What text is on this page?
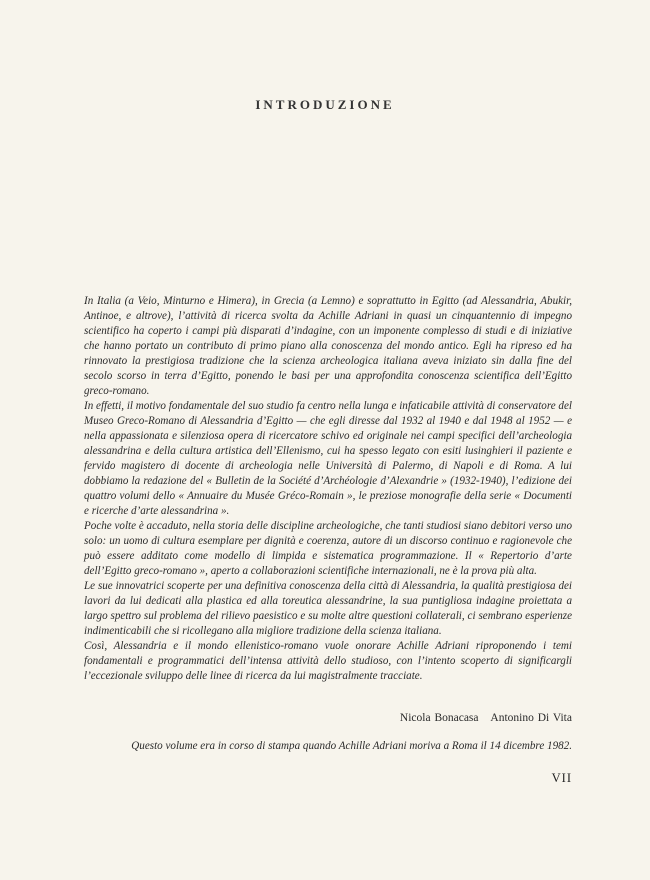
INTRODUZIONE

In Italia (a Veio, Minturno e Himera), in Grecia (a Lemno) e soprattutto in Egitto (ad Alessandria, Abukir, Antinoe, e altrove), l’attività di ricerca svolta da Achille Adriani in quasi un cinquantennio di impegno scientifico ha coperto i campi più disparati d’indagine, con un imponente complesso di studi e di iniziative che hanno portato un contributo di primo piano alla conoscenza del mondo antico. Egli ha ripreso ed ha rinnovato la prestigiosa tradizione che la scienza archeologica italiana aveva iniziato sin dalla fine del secolo scorso in terra d’Egitto, ponendo le basi per una approfondita conoscenza scientifica dell’Egitto greco-romano.

In effetti, il motivo fondamentale del suo studio fa centro nella lunga e infaticabile attività di conservatore del Museo Greco-Romano di Alessandria d’Egitto — che egli diresse dal 1932 al 1940 e dal 1948 al 1952 — e nella appassionata e silenziosa opera di ricercatore schivo ed originale nei campi specifici dell’archeologia alessandrina e della cultura artistica dell’Ellenismo, cui ha spesso legato con esiti lusinghieri il paziente e fervido magistero di docente di archeologia nelle Università di Palermo, di Napoli e di Roma. A lui dobbiamo la redazione del « Bulletin de la Société d’Archéologie d’Alexandrie » (1932-1940), l’edizione dei quattro volumi dello « Annuaire du Musée Gréco-Romain », le preziose monografie della serie « Documenti e ricerche d’arte alessandrina ».

Poche volte è accaduto, nella storia delle discipline archeologiche, che tanti studiosi siano debitori verso uno solo: un uomo di cultura esemplare per dignità e coerenza, autore di un discorso continuo e ragionevole che può essere additato come modello di limpida e sistematica programmazione. Il « Repertorio d’arte dell’Egitto greco-romano », aperto a collaborazioni scientifiche internazionali, ne è la prova più alta.

Le sue innovatrici scoperte per una definitiva conoscenza della città di Alessandria, la qualità prestigiosa dei lavori da lui dedicati alla plastica ed alla toreutica alessandrine, la sua puntigliosa indagine proiettata a largo spettro sul problema del rilievo paesistico e su molte altre questioni collaterali, ci sembrano esperienze indimenticabili che si ricollegano alla migliore tradizione della scienza italiana.

Così, Alessandria e il mondo ellenistico-romano vuole onorare Achille Adriani riproponendo i temi fondamentali e programmatici dell’intensa attività dello studioso, con l’intento scoperto di significargli l’eccezionale sviluppo delle linee di ricerca da lui magistralmente tracciate.

Nicola Bonacasa Antonino Di Vita
Questo volume era in corso di stampa quando Achille Adriani moriva a Roma il 14 dicembre 1982.
VII
